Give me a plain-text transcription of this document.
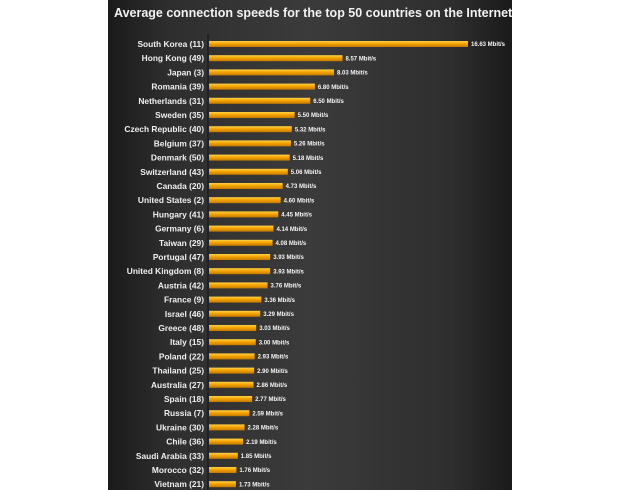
Average connection speeds for the top 50 countries on the Internet
South Korea (11)	16.63 Mbit/s
Hong Kong (49)	8.57 Mbit/s
Japan (3)	8.03 Mbit/s
Romania (39)	6.80 Mbit/s
Netherlands (31)	6.50 Mbit/s
Sweden (35)	5.50 Mbit/s
Czech Republic (40)	5.32 Mbit/s
Belgium (37)	5.26 Mbit/s
Denmark (50)	5.18 Mbit/s
Switzerland (43)	5.06 Mbit/s
Canada (20)	4.73 Mbit/s
United States (2)	4.60 Mbit/s
Hungary (41)	4.45 Mbit/s
Germany (6)	4.14 Mbit/s
Taiwan (29)	4.08 Mbit/s
Portugal (47)	3.93 Mbit/s
United Kingdom (8)	3.93 Mbit/s
Austria (42)	3.76 Mbit/s
France (9)	3.36 Mbit/s
Israel (46)	3.29 Mbit/s
Greece (48)	3.03 Mbit/s
Italy (15)	3.00 Mbit/s
Poland (22)	2.93 Mbit/s
Thailand (25)	2.90 Mbit/s
Australia (27)	2.86 Mbit/s
Spain (18)	2.77 Mbit/s
Russia (7)	2.59 Mbit/s
Ukraine (30)	2.28 Mbit/s
Chile (36)	2.19 Mbit/s
Saudi Arabia (33)	1.85 Mbit/s
Morocco (32)	1.76 Mbit/s
Vietnam (21)	1.73 Mbit/s
